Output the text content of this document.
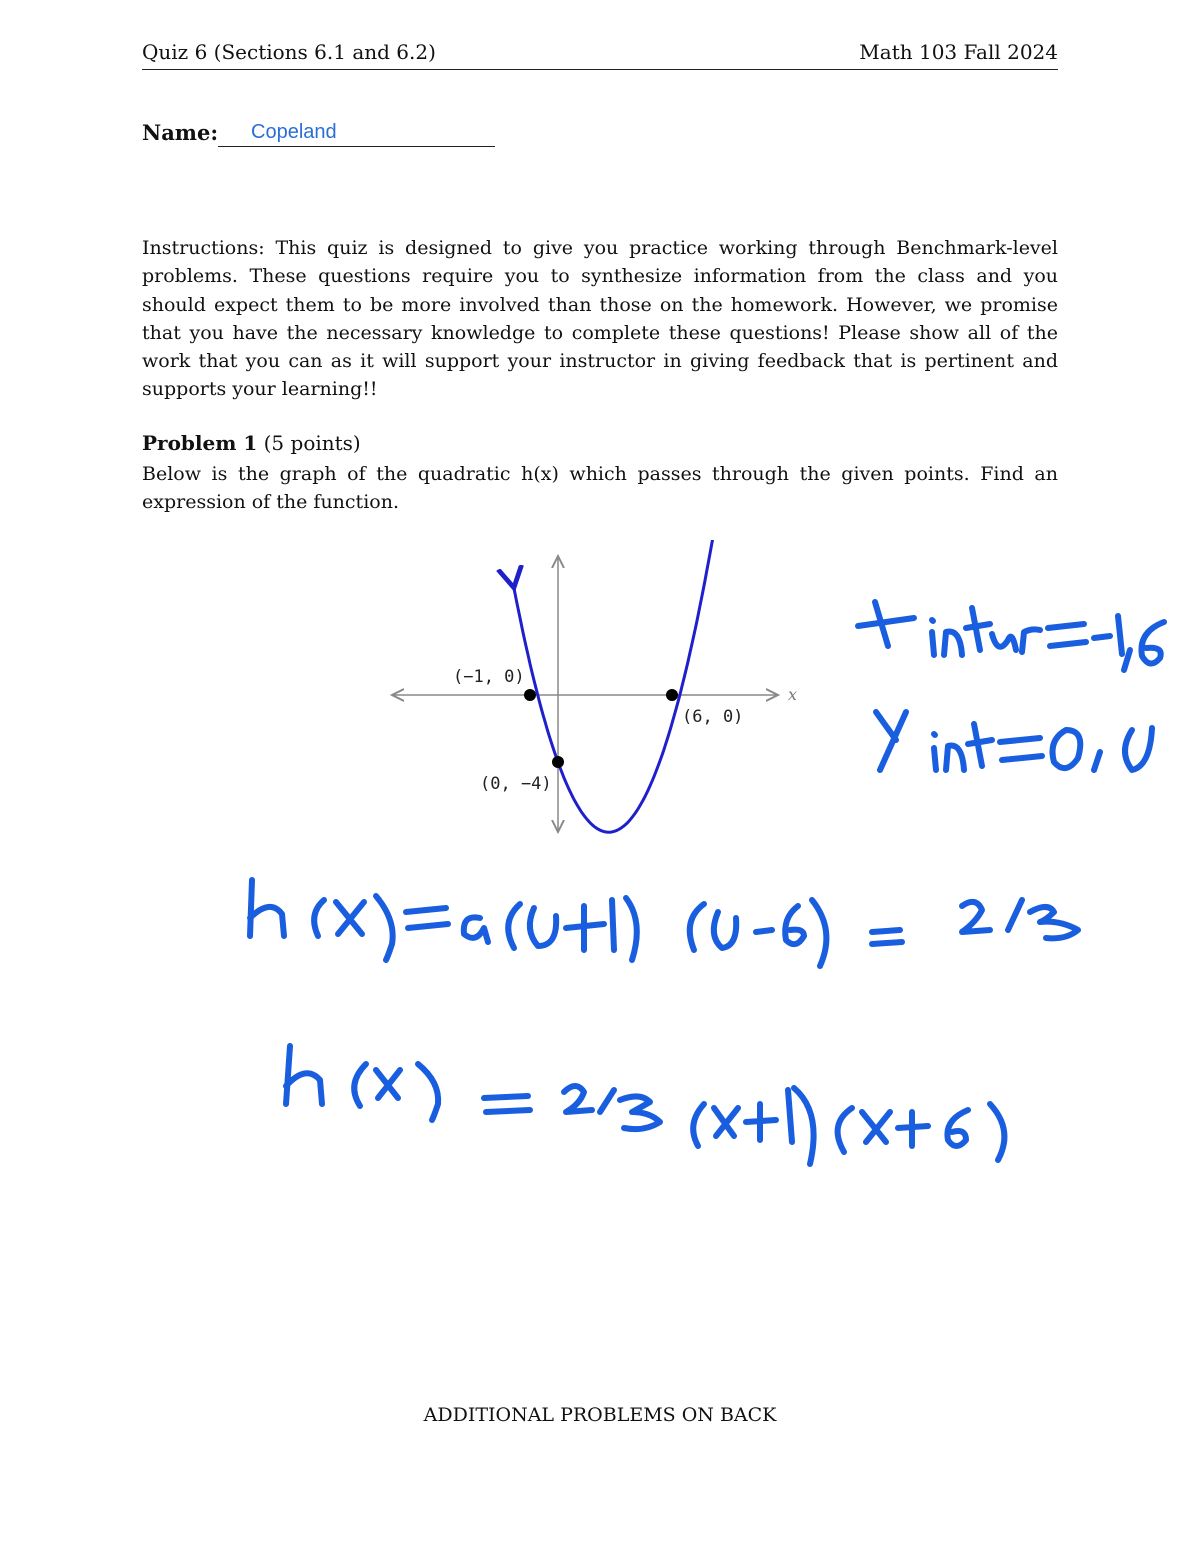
Quiz 6 (Sections 6.1 and 6.2)	Math 103 Fall 2024
Name: Copeland
Instructions: This quiz is designed to give you practice working through Benchmark-level problems. These questions require you to synthesize information from the class and you should expect them to be more involved than those on the homework. However, we promise that you have the necessary knowledge to complete these questions! Please show all of the work that you can as it will support your instructor in giving feedback that is pertinent and supports your learning!!
Problem 1 (5 points)
Below is the graph of the quadratic h(x) which passes through the given points. Find an expression of the function.
x
(−1, 0)
(6, 0)
(0, −4)
ADDITIONAL PROBLEMS ON BACK
